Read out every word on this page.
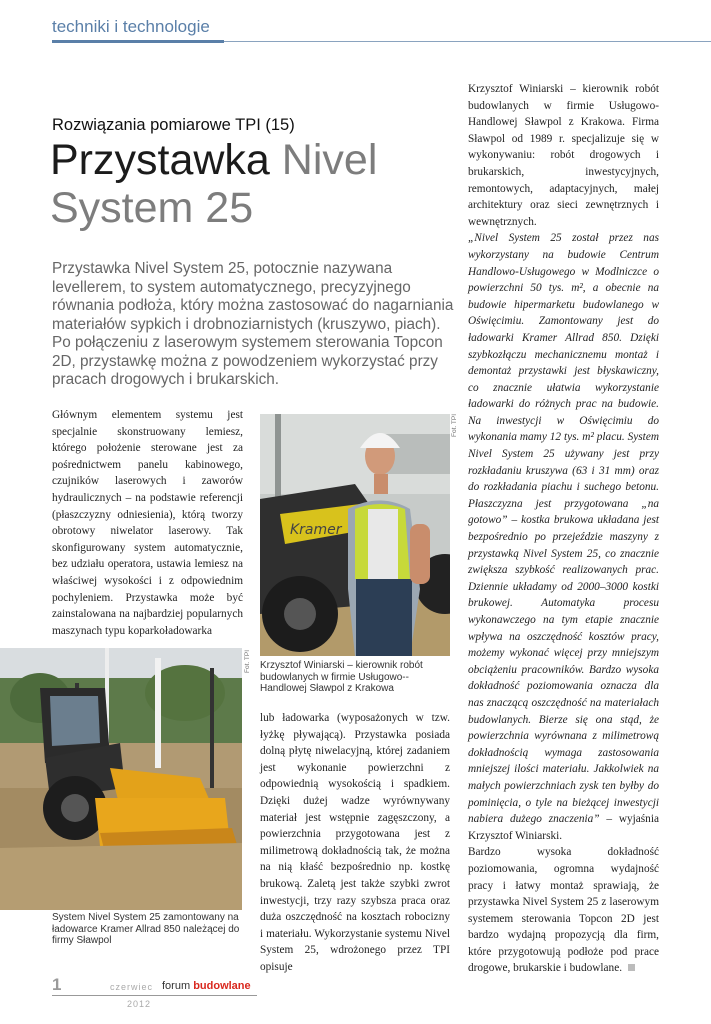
techniki i technologie
Rozwiązania pomiarowe TPI (15)
Przystawka Nivel
System 25
Przystawka Nivel System 25, potocznie nazywana levellerem, to system automatycznego, precyzyjnego równania podłoża, który można zastosować do nagarniania materiałów sypkich i drobnoziarnistych (kruszywo, piach). Po połączeniu z laserowym systemem sterowania Topcon 2D, przystawkę można z powodzeniem wykorzystać przy pracach drogowych i brukarskich.

Głównym elementem systemu jest specjalnie skonstruowany lemiesz, którego położenie sterowane jest za pośrednictwem panelu kabinowego, czujników laserowych i zaworów hydraulicznych – na podstawie referencji (płaszczyzny odniesienia), którą tworzy obrotowy niwelator laserowy. Tak skonfigurowany system automatycznie, bez udziału operatora, ustawia lemiesz na właściwej wysokości i z odpowiednim pochyleniem. Przystawka może być zainstalowana na najbardziej popularnych maszynach typu koparkoładowarka

Kramer
Fot. TPI
Krzysztof Winiarski – kierownik robót budowlanych w firmie Usługowo--Handlowej Sławpol z Krakowa
Fot. TPI
System Nivel System 25 zamontowany na ładowarce Kramer Allrad 850 należącej do firmy Sławpol

lub ładowarka (wyposażonych w tzw. łyżkę pływającą). Przystawka posiada dolną płytę niwelacyjną, której zadaniem jest wykonanie powierzchni z odpowiednią wysokością i spadkiem. Dzięki dużej wadze wyrównywany materiał jest wstępnie zagęszczony, a powierzchnia przygotowana jest z milimetrową dokładnością tak, że można na nią kłaść bezpośrednio np. kostkę brukową. Zaletą jest także szybki zwrot inwestycji, trzy razy szybsza praca oraz duża oszczędność na kosztach robocizny i materiału. Wykorzystanie systemu Nivel System 25, wdrożonego przez TPI opisuje

Krzysztof Winiarski – kierownik robót budowlanych w firmie Usługowo-Handlowej Sławpol z Krakowa. Firma Sławpol od 1989 r. specjalizuje się w wykonywaniu: robót drogowych i brukarskich, inwestycyjnych, remontowych, adaptacyjnych, małej architektury oraz sieci zewnętrznych i wewnętrznych.

„Nivel System 25 został przez nas wykorzystany na budowie Centrum Handlowo-Usługowego w Modlniczce o powierzchni 50 tys. m², a obecnie na budowie hipermarketu budowlanego w Oświęcimiu. Zamontowany jest do ładowarki Kramer Allrad 850. Dzięki szybkozłączu mechanicznemu montaż i demontaż przystawki jest błyskawiczny, co znacznie ułatwia wykorzystanie ładowarki do różnych prac na budowie. Na inwestycji w Oświęcimiu do wykonania mamy 12 tys. m² placu. System Nivel System 25 używany jest przy rozkładaniu kruszywa (63 i 31 mm) oraz do rozkładania piachu i suchego betonu. Płaszczyzna jest przygotowana „na gotowo” – kostka brukowa układana jest bezpośrednio po przejeździe maszyny z przystawką Nivel System 25, co znacznie zwiększa szybkość realizowanych prac. Dziennie układamy od 2000–3000 kostki brukowej. Automatyka procesu wykonawczego na tym etapie znacznie wpływa na oszczędność kosztów pracy, możemy wykonać więcej przy mniejszym obciążeniu pracowników. Bardzo wysoka dokładność poziomowania oznacza dla nas znaczącą oszczędność na materiałach budowlanych. Bierze się ona stąd, że powierzchnia wyrównana z milimetrową dokładnością wymaga zastosowania mniejszej ilości materiału. Jakkolwiek na małych powierzchniach zysk ten byłby do pominięcia, o tyle na bieżącej inwestycji nabiera dużego znaczenia” – wyjaśnia Krzysztof Winiarski.

Bardzo wysoka dokładność poziomowania, ogromna wydajność pracy i łatwy montaż sprawiają, że przystawka Nivel System 25 z laserowym systemem sterowania Topcon 2D jest bardzo wydajną propozycją dla firm, które przygotowują podłoże pod prace drogowe, brukarskie i budowlane.

1	czerwiec
2012
forum budowlane
